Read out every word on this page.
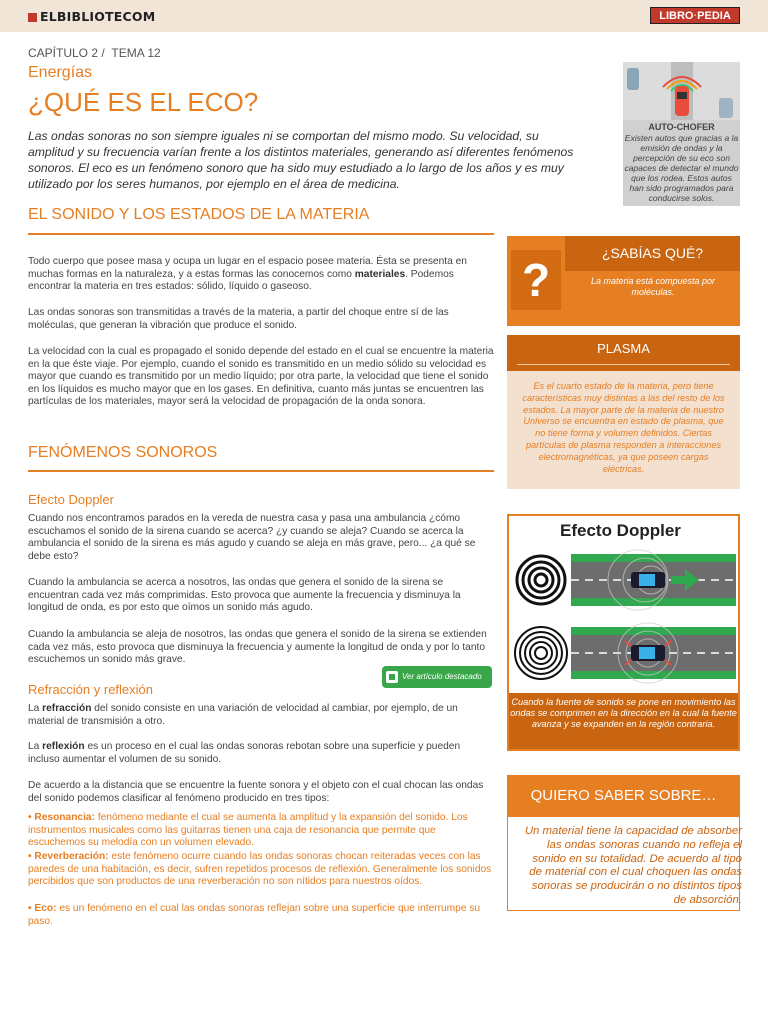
ELBIBLIOTECOM	LIBRO·PEDIA
CAPÍTULO 2 / TEMA 12
Energías
¿QUÉ ES EL ECO?
Las ondas sonoras no son siempre iguales ni se comportan del mismo modo. Su velocidad, su amplitud y su frecuencia varían frente a los distintos materiales, generando así diferentes fenómenos sonoros. El eco es un fenómeno sonoro que ha sido muy estudiado a lo largo de los años y es muy utilizado por los seres humanos, por ejemplo en el área de medicina.
AUTO-CHOFER
Existen autos que gracias a la emisión de ondas y la percepción de su eco son capaces de detectar el mundo que los rodea. Estos autos han sido programados para conducirse solos.
EL SONIDO Y LOS ESTADOS DE LA MATERIA
Todo cuerpo que posee masa y ocupa un lugar en el espacio posee materia. Ésta se presenta en muchas formas en la naturaleza, y a estas formas las conocemos como materiales. Podemos encontrar la materia en tres estados: sólido, líquido o gaseoso.
Las ondas sonoras son transmitidas a través de la materia, a partir del choque entre sí de las moléculas, que generan la vibración que produce el sonido.
La velocidad con la cual es propagado el sonido depende del estado en el cual se encuentre la materia en la que éste viaje. Por ejemplo, cuando el sonido es transmitido en un medio sólido su velocidad es mayor que cuando es transmitido por un medio líquido; por otra parte, la velocidad que tiene el sonido en los líquidos es mucho mayor que en los gases. En definitiva, cuanto más juntas se encuentren las partículas de los materiales, mayor será la velocidad de propagación de la onda sonora.
FENÓMENOS SONOROS
Efecto Doppler
Cuando nos encontramos parados en la vereda de nuestra casa y pasa una ambulancia ¿cómo escuchamos el sonido de la sirena cuando se acerca? ¿y cuando se aleja? Cuando se acerca la ambulancia el sonido de la sirena es más agudo y cuando se aleja en más grave, pero... ¿a qué se debe esto?
Cuando la ambulancia se acerca a nosotros, las ondas que genera el sonido de la sirena se encuentran cada vez más comprimidas. Esto provoca que aumente la frecuencia y disminuya la longitud de onda, es por esto que oímos un sonido más agudo.
Cuando la ambulancia se aleja de nosotros, las ondas que genera el sonido de la sirena se extienden cada vez más, esto provoca que disminuya la frecuencia y aumente la longitud de onda y por lo tanto escuchemos un sonido más grave.
Ver artículo destacado
Refracción y reflexión
La refracción del sonido consiste en una variación de velocidad al cambiar, por ejemplo, de un material de transmisión a otro.
La reflexión es un proceso en el cual las ondas sonoras rebotan sobre una superficie y pueden incluso aumentar el volumen de su sonido.
De acuerdo a la distancia que se encuentre la fuente sonora y el objeto con el cual chocan las ondas del sonido podemos clasificar al fenómeno producido en tres tipos:
• Resonancia: fenómeno mediante el cual se aumenta la amplitud y la expansión del sonido. Los instrumentos musicales como las guitarras tienen una caja de resonancia que permite que escuchemos su melodía con un volumen elevado.
• Reverberación: este fenómeno ocurre cuando las ondas sonoras chocan reiteradas veces con las paredes de una habitación, es decir, sufren repetidos procesos de reflexión. Generalmente los sonidos percibidos que son productos de una reverberación no son nítidos para nuestros oídos.
• Eco: es un fenómeno en el cual las ondas sonoras reflejan sobre una superficie que interrumpe su paso.
?
¿SABÍAS QUÉ?
La materia está compuesta por moléculas.
PLASMA
Es el cuarto estado de la materia, pero tiene características muy distintas a las del resto de los estados. La mayor parte de la materia de nuestro Universo se encuentra en estado de plasma, que no tiene forma y volumen definidos. Ciertas partículas de plasma responden a interacciones electromagnéticas, ya que poseen cargas eléctricas.
Efecto Doppler
Cuando la fuente de sonido se pone en movimiento las ondas se comprimen en la dirección en la cual la fuente avanza y se expanden en la región contraria.
QUIERO SABER SOBRE…
Un material tiene la capacidad de absorber las ondas sonoras cuando no refleja el sonido en su totalidad. De acuerdo al tipo de material con el cual choquen las ondas sonoras se producirán o no distintos tipos de absorción.
